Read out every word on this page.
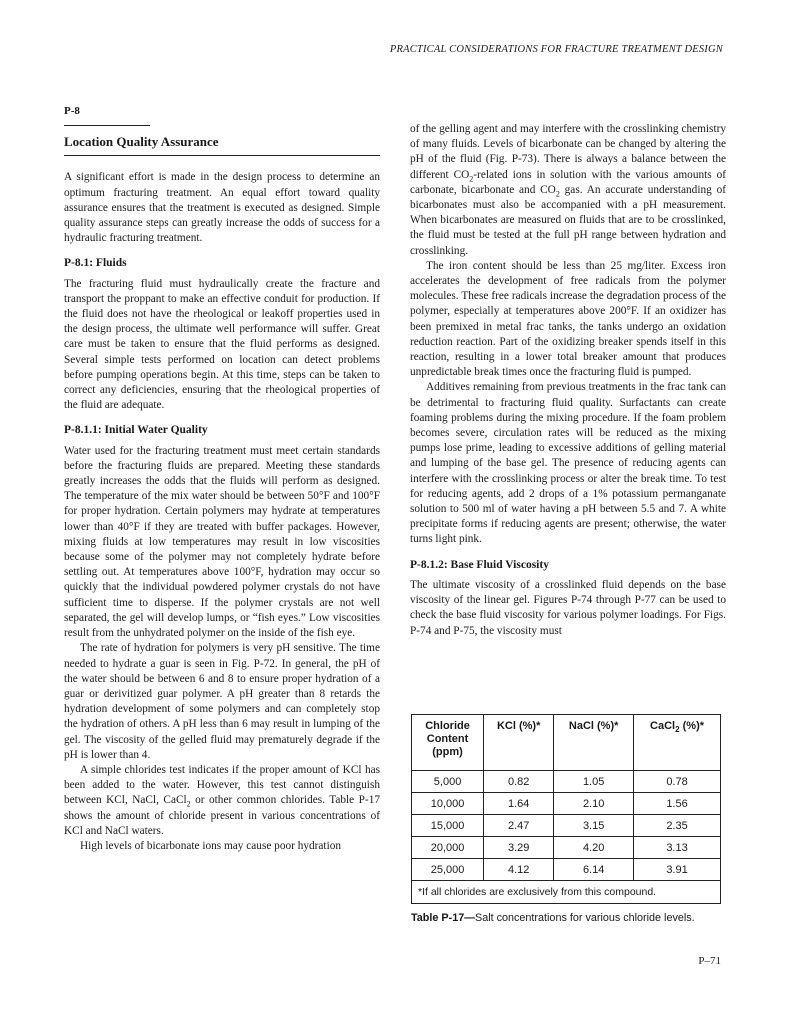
PRACTICAL CONSIDERATIONS FOR FRACTURE TREATMENT DESIGN

P-8

Location Quality Assurance

A significant effort is made in the design process to determine an optimum fracturing treatment. An equal effort toward quality assurance ensures that the treatment is executed as designed. Simple quality assurance steps can greatly increase the odds of success for a hydraulic fracturing treatment.

P-8.1: Fluids

The fracturing fluid must hydraulically create the fracture and transport the proppant to make an effective conduit for production. If the fluid does not have the rheological or leakoff properties used in the design process, the ultimate well performance will suffer. Great care must be taken to ensure that the fluid performs as designed. Several simple tests performed on location can detect problems before pumping operations begin. At this time, steps can be taken to correct any deficiencies, ensuring that the rheological properties of the fluid are adequate.

P-8.1.1: Initial Water Quality

Water used for the fracturing treatment must meet certain standards before the fracturing fluids are prepared. Meeting these standards greatly increases the odds that the fluids will perform as designed. The temperature of the mix water should be between 50°F and 100°F for proper hydration. Certain polymers may hydrate at temperatures lower than 40°F if they are treated with buffer packages. However, mixing fluids at low temperatures may result in low viscosities because some of the polymer may not completely hydrate before settling out. At temperatures above 100°F, hydration may occur so quickly that the individual powdered polymer crystals do not have sufficient time to disperse. If the polymer crystals are not well separated, the gel will develop lumps, or “fish eyes.” Low viscosities result from the unhydrated polymer on the inside of the fish eye.

The rate of hydration for polymers is very pH sensitive. The time needed to hydrate a guar is seen in Fig. P-72. In general, the pH of the water should be between 6 and 8 to ensure proper hydration of a guar or derivitized guar polymer. A pH greater than 8 retards the hydration development of some polymers and can completely stop the hydration of others. A pH less than 6 may result in lumping of the gel. The viscosity of the gelled fluid may prematurely degrade if the pH is lower than 4.

A simple chlorides test indicates if the proper amount of KCl has been added to the water. However, this test cannot distinguish between KCl, NaCl, CaCl$_2$ or other common chlorides. Table P-17 shows the amount of chloride present in various concentrations of KCl and NaCl waters.

High levels of bicarbonate ions may cause poor hydration

of the gelling agent and may interfere with the crosslinking chemistry of many fluids. Levels of bicarbonate can be changed by altering the pH of the fluid (Fig. P-73). There is always a balance between the different $CO_2$-related ions in solution with the various amounts of carbonate, bicarbonate and $CO_2$ gas. An accurate understanding of bicarbonates must also be accompanied with a pH measurement. When bicarbonates are measured on fluids that are to be crosslinked, the fluid must be tested at the full pH range between hydration and crosslinking.

The iron content should be less than 25 mg/liter. Excess iron accelerates the development of free radicals from the polymer molecules. These free radicals increase the degradation process of the polymer, especially at temperatures above 200°F. If an oxidizer has been premixed in metal frac tanks, the tanks undergo an oxidation reduction reaction. Part of the oxidizing breaker spends itself in this reaction, resulting in a lower total breaker amount that produces unpredictable break times once the fracturing fluid is pumped.

Additives remaining from previous treatments in the frac tank can be detrimental to fracturing fluid quality. Surfactants can create foaming problems during the mixing procedure. If the foam problem becomes severe, circulation rates will be reduced as the mixing pumps lose prime, leading to excessive additions of gelling material and lumping of the base gel. The presence of reducing agents can interfere with the crosslinking process or alter the break time. To test for reducing agents, add 2 drops of a 1% potassium permanganate solution to 500 ml of water having a pH between 5.5 and 7. A white precipitate forms if reducing agents are present; otherwise, the water turns light pink.

P-8.1.2: Base Fluid Viscosity

The ultimate viscosity of a crosslinked fluid depends on the base viscosity of the linear gel. Figures P-74 through P-77 can be used to check the base fluid viscosity for various polymer loadings. For Figs. P-74 and P-75, the viscosity must

Chloride
Content
(ppm)	KCl (%)*	NaCl (%)*	CaCl$_2$ (%)*
5,000	0.82	1.05	0.78
10,000	1.64	2.10	1.56
15,000	2.47	3.15	2.35
20,000	3.29	4.20	3.13
25,000	4.12	6.14	3.91
*If all chlorides are exclusively from this compound.			
Table P-17—Salt concentrations for various chloride levels.
P–71
